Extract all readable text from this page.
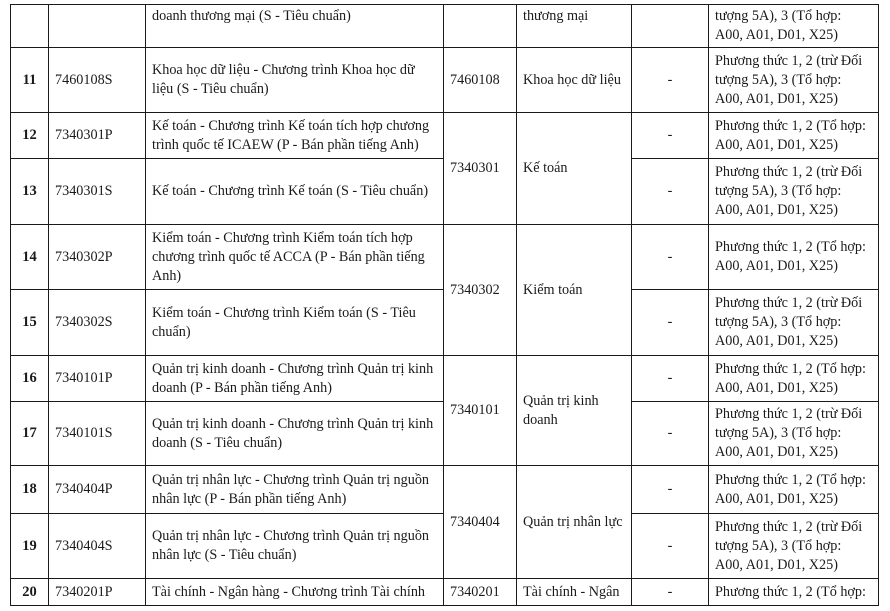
		doanh thương mại (S - Tiêu chuẩn)		thương mại		tượng 5A), 3 (Tổ hợp: A00, A01, D01, X25)
11	7460108S	Khoa học dữ liệu - Chương trình Khoa học dữ liệu (S - Tiêu chuẩn)	7460108	Khoa học dữ liệu	-	Phương thức 1, 2 (trừ Đối tượng 5A), 3 (Tổ hợp: A00, A01, D01, X25)
12	7340301P	Kế toán - Chương trình Kế toán tích hợp chương trình quốc tế ICAEW (P - Bán phần tiếng Anh)	7340301	Kế toán	-	Phương thức 1, 2 (Tổ hợp: A00, A01, D01, X25)
13	7340301S	Kế toán - Chương trình Kế toán (S - Tiêu chuẩn)			-	Phương thức 1, 2 (trừ Đối tượng 5A), 3 (Tổ hợp: A00, A01, D01, X25)
14	7340302P	Kiểm toán - Chương trình Kiểm toán tích hợp chương trình quốc tế ACCA (P - Bán phần tiếng Anh)	7340302	Kiểm toán	-	Phương thức 1, 2 (Tổ hợp: A00, A01, D01, X25)
15	7340302S	Kiểm toán - Chương trình Kiểm toán (S - Tiêu chuẩn)			-	Phương thức 1, 2 (trừ Đối tượng 5A), 3 (Tổ hợp: A00, A01, D01, X25)
16	7340101P	Quản trị kinh doanh - Chương trình Quản trị kinh doanh (P - Bán phần tiếng Anh)	7340101	Quản trị kinh doanh	-	Phương thức 1, 2 (Tổ hợp: A00, A01, D01, X25)
17	7340101S	Quản trị kinh doanh - Chương trình Quản trị kinh doanh (S - Tiêu chuẩn)			-	Phương thức 1, 2 (trừ Đối tượng 5A), 3 (Tổ hợp: A00, A01, D01, X25)
18	7340404P	Quản trị nhân lực - Chương trình Quản trị nguồn nhân lực (P - Bán phần tiếng Anh)	7340404	Quản trị nhân lực	-	Phương thức 1, 2 (Tổ hợp: A00, A01, D01, X25)
19	7340404S	Quản trị nhân lực - Chương trình Quản trị nguồn nhân lực (S - Tiêu chuẩn)			-	Phương thức 1, 2 (trừ Đối tượng 5A), 3 (Tổ hợp: A00, A01, D01, X25)
20	7340201P	Tài chính - Ngân hàng - Chương trình Tài chính	7340201	Tài chính - Ngân	-	Phương thức 1, 2 (Tổ hợp:
